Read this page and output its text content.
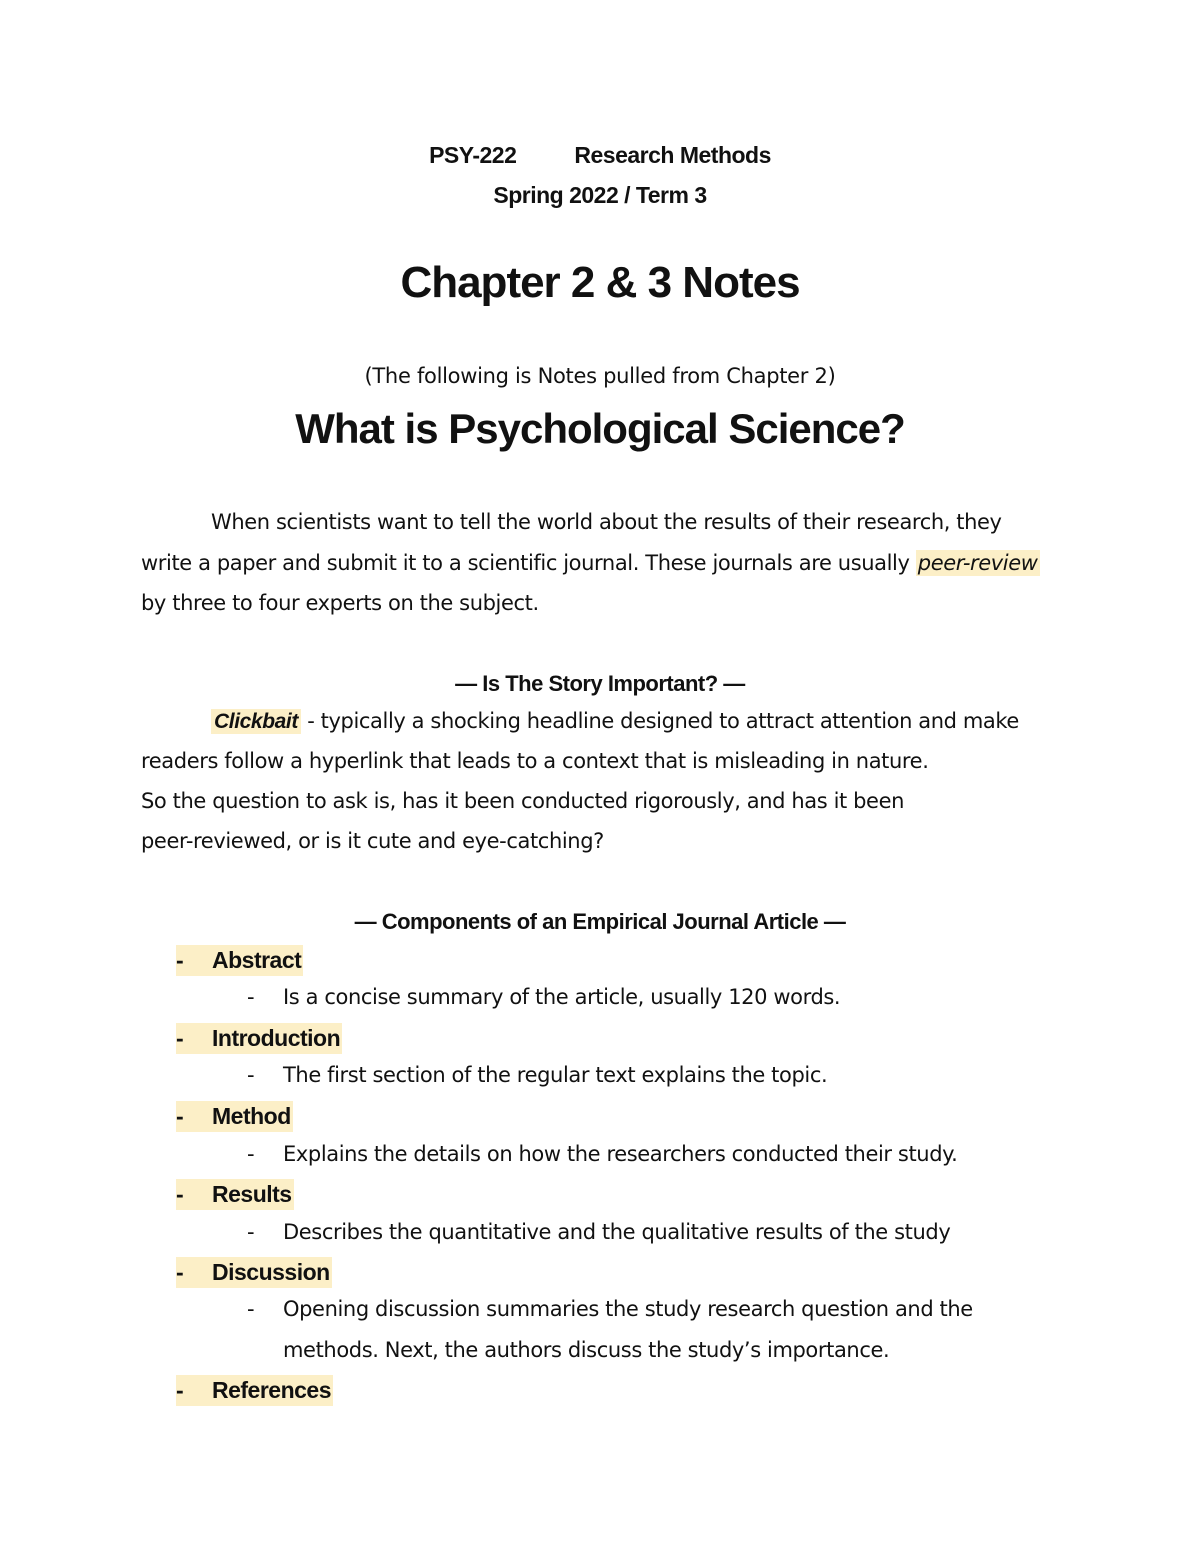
PSY-222	Research Methods
Spring 2022 / Term 3
Chapter 2 & 3 Notes
(The following is Notes pulled from Chapter 2)
What is Psychological Science?
When scientists want to tell the world about the results of their research, they
write a paper and submit it to a scientific journal. These journals are usually peer-review
by three to four experts on the subject.
— Is The Story Important? —
Clickbait - typically a shocking headline designed to attract attention and make
readers follow a hyperlink that leads to a context that is misleading in nature.
So the question to ask is, has it been conducted rigorously, and has it been
peer-reviewed, or is it cute and eye-catching?
— Components of an Empirical Journal Article —
- Abstract
- Is a concise summary of the article, usually 120 words.
- Introduction
- The first section of the regular text explains the topic.
- Method
- Explains the details on how the researchers conducted their study.
- Results
- Describes the quantitative and the qualitative results of the study
- Discussion
- Opening discussion summaries the study research question and the
methods. Next, the authors discuss the study’s importance.
- References
